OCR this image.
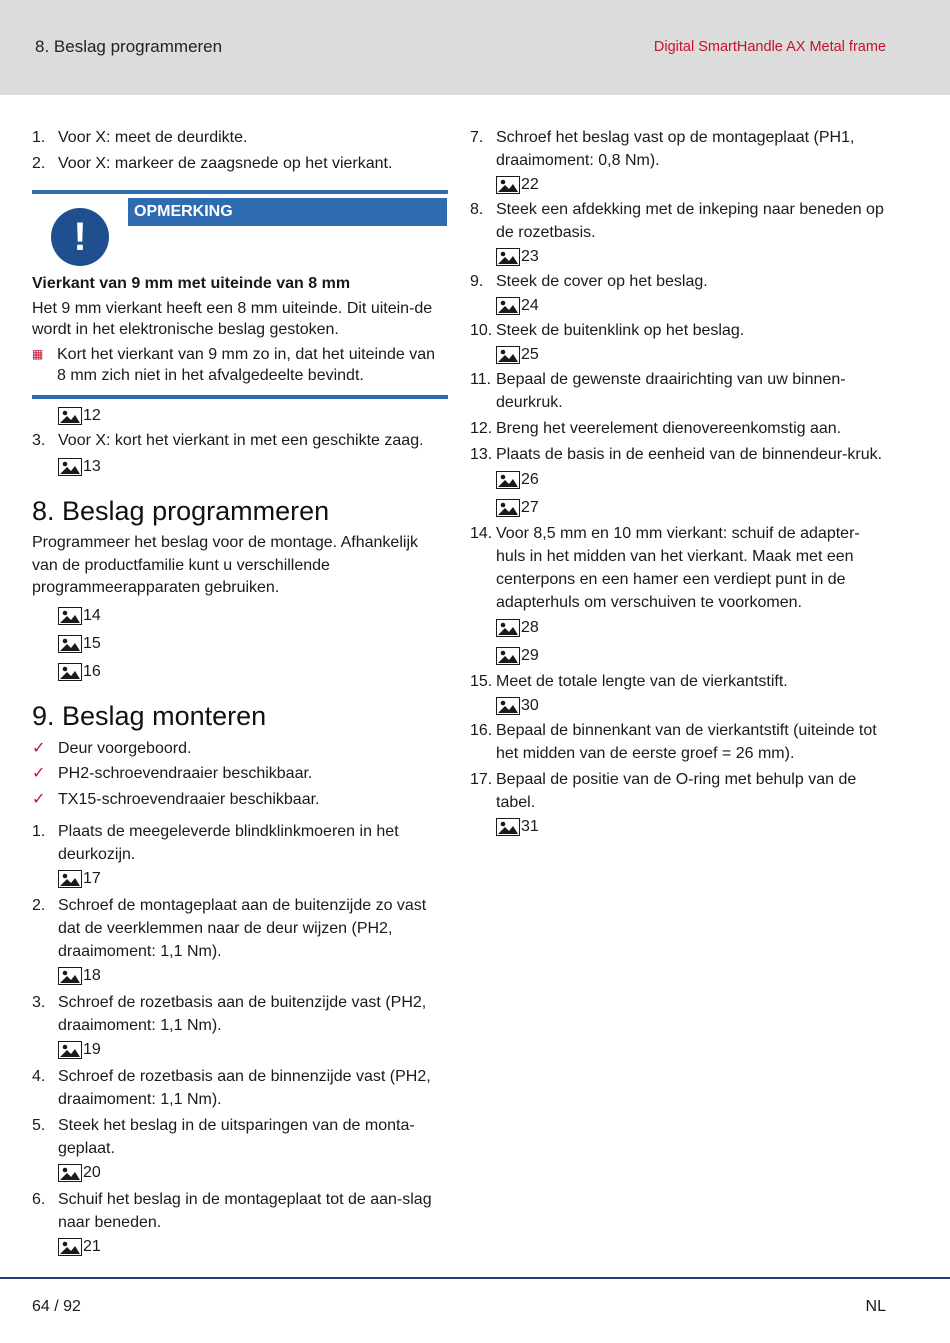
8. Beslag programmeren	Digital SmartHandle AX Metal frame
1. Voor X: meet de deurdikte.
2. Voor X: markeer de zaagsnede op het vierkant.
OPMERKING
!
Vierkant van 9 mm met uiteinde van 8 mm
Het 9 mm vierkant heeft een 8 mm uiteinde. Dit uitein-de wordt in het elektronische beslag gestoken.
▦ Kort het vierkant van 9 mm zo in, dat het uiteinde van 8 mm zich niet in het afvalgedeelte bevindt.
12
3. Voor X: kort het vierkant in met een geschikte zaag.
13
8. Beslag programmeren
Programmeer het beslag voor de montage. Afhankelijk van de productfamilie kunt u verschillende programmeerapparaten gebruiken.
14
15
16
9. Beslag monteren
✓ Deur voorgeboord.
✓ PH2-schroevendraaier beschikbaar.
✓ TX15-schroevendraaier beschikbaar.
1. Plaats de meegeleverde blindklinkmoeren in het deurkozijn.
17
2. Schroef de montageplaat aan de buitenzijde zo vast dat de veerklemmen naar de deur wijzen (PH2, draaimoment: 1,1 Nm).
18
3. Schroef de rozetbasis aan de buitenzijde vast (PH2, draaimoment: 1,1 Nm).
19
4. Schroef de rozetbasis aan de binnenzijde vast (PH2, draaimoment: 1,1 Nm).
5. Steek het beslag in de uitsparingen van de monta-geplaat.
20
6. Schuif het beslag in de montageplaat tot de aan-slag naar beneden.
21
7. Schroef het beslag vast op de montageplaat (PH1, draaimoment: 0,8 Nm).
22
8. Steek een afdekking met de inkeping naar beneden op de rozetbasis.
23
9. Steek de cover op het beslag.
24
10. Steek de buitenklink op het beslag.
25
11. Bepaal de gewenste draairichting van uw binnen-deurkruk.
12. Breng het veerelement dienovereenkomstig aan.
13. Plaats de basis in de eenheid van de binnendeur-kruk.
26
27
14. Voor 8,5 mm en 10 mm vierkant: schuif de adapter-huls in het midden van het vierkant. Maak met een centerpons en een hamer een verdiept punt in de adapterhuls om verschuiven te voorkomen.
28
29
15. Meet de totale lengte van de vierkantstift.
30
16. Bepaal de binnenkant van de vierkantstift (uiteinde tot het midden van de eerste groef = 26 mm).
17. Bepaal de positie van de O-ring met behulp van de tabel.
31
64 / 92	NL
